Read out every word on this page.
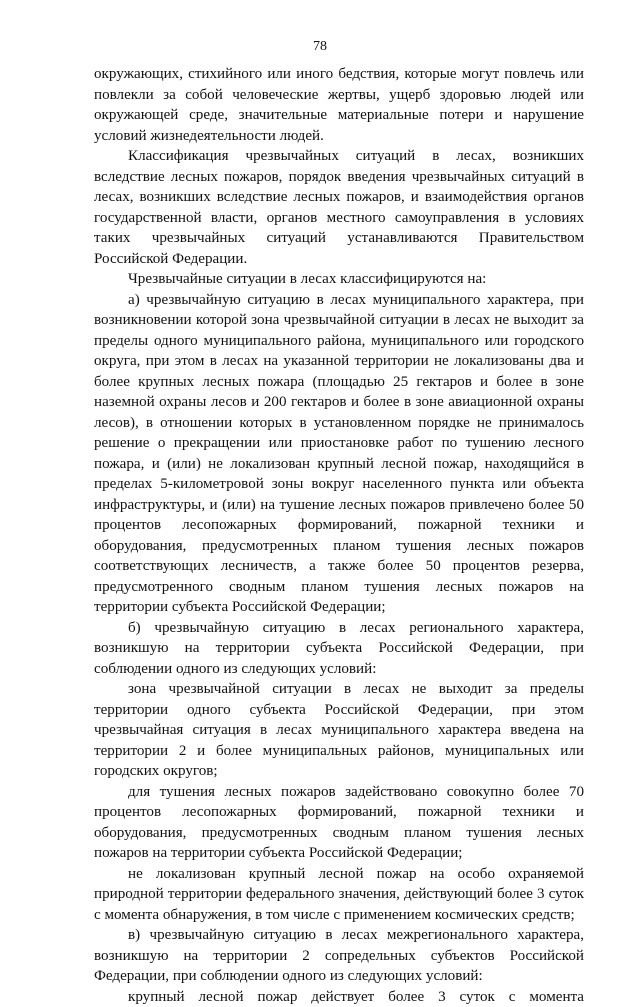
78

окружающих, стихийного или иного бедствия, которые могут повлечь или повлекли за собой человеческие жертвы, ущерб здоровью людей или окружающей среде, значительные материальные потери и нарушение условий жизнедеятельности людей.

Классификация чрезвычайных ситуаций в лесах, возникших вследствие лесных пожаров, порядок введения чрезвычайных ситуаций в лесах, возникших вследствие лесных пожаров, и взаимодействия органов государственной власти, органов местного самоуправления в условиях таких чрезвычайных ситуаций устанавливаются Правительством Российской Федерации.

Чрезвычайные ситуации в лесах классифицируются на:

а) чрезвычайную ситуацию в лесах муниципального характера, при возникновении которой зона чрезвычайной ситуации в лесах не выходит за пределы одного муниципального района, муниципального или городского округа, при этом в лесах на указанной территории не локализованы два и более крупных лесных пожара (площадью 25 гектаров и более в зоне наземной охраны лесов и 200 гектаров и более в зоне авиационной охраны лесов), в отношении которых в установленном порядке не принималось решение о прекращении или приостановке работ по тушению лесного пожара, и (или) не локализован крупный лесной пожар, находящийся в пределах 5-километровой зоны вокруг населенного пункта или объекта инфраструктуры, и (или) на тушение лесных пожаров привлечено более 50 процентов лесопожарных формирований, пожарной техники и оборудования, предусмотренных планом тушения лесных пожаров соответствующих лесничеств, а также более 50 процентов резерва, предусмотренного сводным планом тушения лесных пожаров на территории субъекта Российской Федерации;

б) чрезвычайную ситуацию в лесах регионального характера, возникшую на территории субъекта Российской Федерации, при соблюдении одного из следующих условий:

зона чрезвычайной ситуации в лесах не выходит за пределы территории одного субъекта Российской Федерации, при этом чрезвычайная ситуация в лесах муниципального характера введена на территории 2 и более муниципальных районов, муниципальных или городских округов;

для тушения лесных пожаров задействовано совокупно более 70 процентов лесопожарных формирований, пожарной техники и оборудования, предусмотренных сводным планом тушения лесных пожаров на территории субъекта Российской Федерации;

не локализован крупный лесной пожар на особо охраняемой природной территории федерального значения, действующий более 3 суток с момента обнаружения, в том числе с применением космических средств;

в) чрезвычайную ситуацию в лесах межрегионального характера, возникшую на территории 2 сопредельных субъектов Российской Федерации, при соблюдении одного из следующих условий:

крупный лесной пожар действует более 3 суток с момента
